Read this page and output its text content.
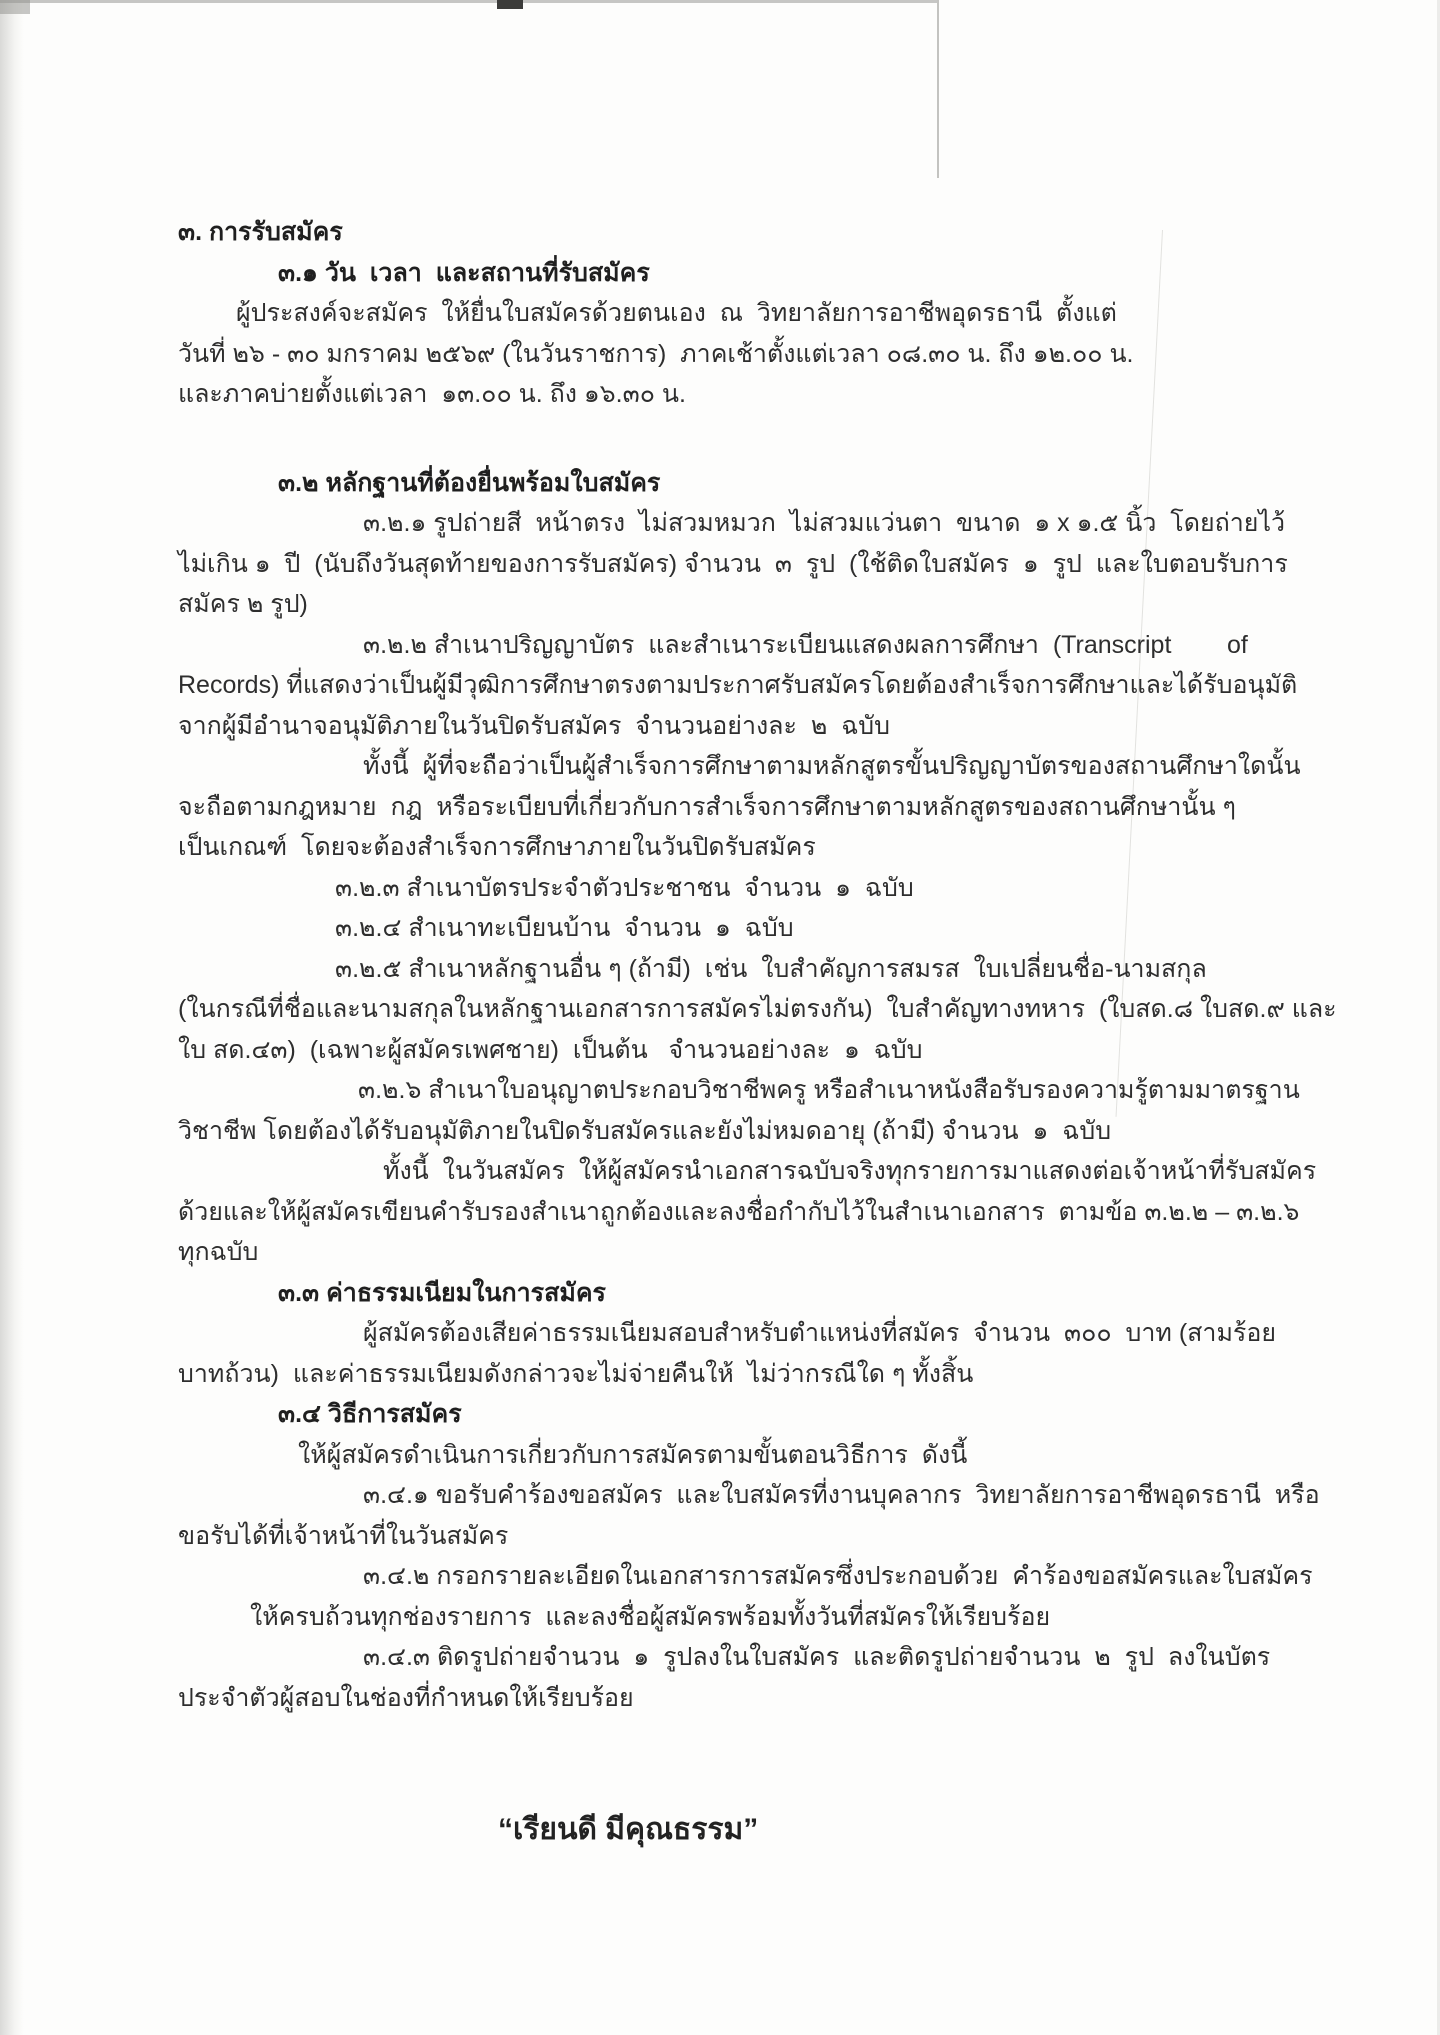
๓. การรับสมัคร
๓.๑ วัน  เวลา  และสถานที่รับสมัคร
ผู้ประสงค์จะสมัคร  ให้ยื่นใบสมัครด้วยตนเอง  ณ  วิทยาลัยการอาชีพอุดรธานี  ตั้งแต่
วันที่ ๒๖ - ๓๐ มกราคม ๒๕๖๙ (ในวันราชการ)  ภาคเช้าตั้งแต่เวลา ๐๘.๓๐ น. ถึง ๑๒.๐๐ น.
และภาคบ่ายตั้งแต่เวลา  ๑๓.๐๐ น. ถึง ๑๖.๓๐ น.
๓.๒ หลักฐานที่ต้องยื่นพร้อมใบสมัคร
๓.๒.๑ รูปถ่ายสี  หน้าตรง  ไม่สวมหมวก  ไม่สวมแว่นตา  ขนาด  ๑ x ๑.๕ นิ้ว  โดยถ่ายไว้
ไม่เกิน ๑  ปี  (นับถึงวันสุดท้ายของการรับสมัคร) จำนวน  ๓  รูป  (ใช้ติดใบสมัคร  ๑  รูป  และใบตอบรับการ
สมัคร ๒ รูป)
๓.๒.๒ สำเนาปริญญาบัตร  และสำเนาระเบียนแสดงผลการศึกษา  (Transcript        of
Records) ที่แสดงว่าเป็นผู้มีวุฒิการศึกษาตรงตามประกาศรับสมัครโดยต้องสำเร็จการศึกษาและได้รับอนุมัติ
จากผู้มีอำนาจอนุมัติภายในวันปิดรับสมัคร  จำนวนอย่างละ  ๒  ฉบับ
ทั้งนี้  ผู้ที่จะถือว่าเป็นผู้สำเร็จการศึกษาตามหลักสูตรขั้นปริญญาบัตรของสถานศึกษาใดนั้น
จะถือตามกฎหมาย  กฎ  หรือระเบียบที่เกี่ยวกับการสำเร็จการศึกษาตามหลักสูตรของสถานศึกษานั้น ๆ
เป็นเกณฑ์  โดยจะต้องสำเร็จการศึกษาภายในวันปิดรับสมัคร
๓.๒.๓ สำเนาบัตรประจำตัวประชาชน  จำนวน  ๑  ฉบับ
๓.๒.๔ สำเนาทะเบียนบ้าน  จำนวน  ๑  ฉบับ
๓.๒.๕ สำเนาหลักฐานอื่น ๆ (ถ้ามี)  เช่น  ใบสำคัญการสมรส  ใบเปลี่ยนชื่อ-นามสกุล
(ในกรณีที่ชื่อและนามสกุลในหลักฐานเอกสารการสมัครไม่ตรงกัน)  ใบสำคัญทางทหาร  (ใบสด.๘ ใบสด.๙ และ
ใบ สด.๔๓)  (เฉพาะผู้สมัครเพศชาย)  เป็นต้น   จำนวนอย่างละ  ๑  ฉบับ
๓.๒.๖ สำเนาใบอนุญาตประกอบวิชาชีพครู หรือสำเนาหนังสือรับรองความรู้ตามมาตรฐาน
วิชาชีพ โดยต้องได้รับอนุมัติภายในปิดรับสมัครและยังไม่หมดอายุ (ถ้ามี) จำนวน  ๑  ฉบับ
ทั้งนี้  ในวันสมัคร  ให้ผู้สมัครนำเอกสารฉบับจริงทุกรายการมาแสดงต่อเจ้าหน้าที่รับสมัคร
ด้วยและให้ผู้สมัครเขียนคำรับรองสำเนาถูกต้องและลงชื่อกำกับไว้ในสำเนาเอกสาร  ตามข้อ ๓.๒.๒ – ๓.๒.๖
ทุกฉบับ
๓.๓ ค่าธรรมเนียมในการสมัคร
ผู้สมัครต้องเสียค่าธรรมเนียมสอบสำหรับตำแหน่งที่สมัคร  จำนวน  ๓๐๐  บาท (สามร้อย
บาทถ้วน)  และค่าธรรมเนียมดังกล่าวจะไม่จ่ายคืนให้  ไม่ว่ากรณีใด ๆ ทั้งสิ้น
๓.๔ วิธีการสมัคร
ให้ผู้สมัครดำเนินการเกี่ยวกับการสมัครตามขั้นตอนวิธีการ  ดังนี้
๓.๔.๑ ขอรับคำร้องขอสมัคร  และใบสมัครที่งานบุคลากร  วิทยาลัยการอาชีพอุดรธานี  หรือ
ขอรับได้ที่เจ้าหน้าที่ในวันสมัคร
๓.๔.๒ กรอกรายละเอียดในเอกสารการสมัครซึ่งประกอบด้วย  คำร้องขอสมัครและใบสมัคร
ให้ครบถ้วนทุกช่องรายการ  และลงชื่อผู้สมัครพร้อมทั้งวันที่สมัครให้เรียบร้อย
๓.๔.๓ ติดรูปถ่ายจำนวน  ๑  รูปลงในใบสมัคร  และติดรูปถ่ายจำนวน  ๒  รูป  ลงในบัตร
ประจำตัวผู้สอบในช่องที่กำหนดให้เรียบร้อย
“เรียนดี มีคุณธรรม”
